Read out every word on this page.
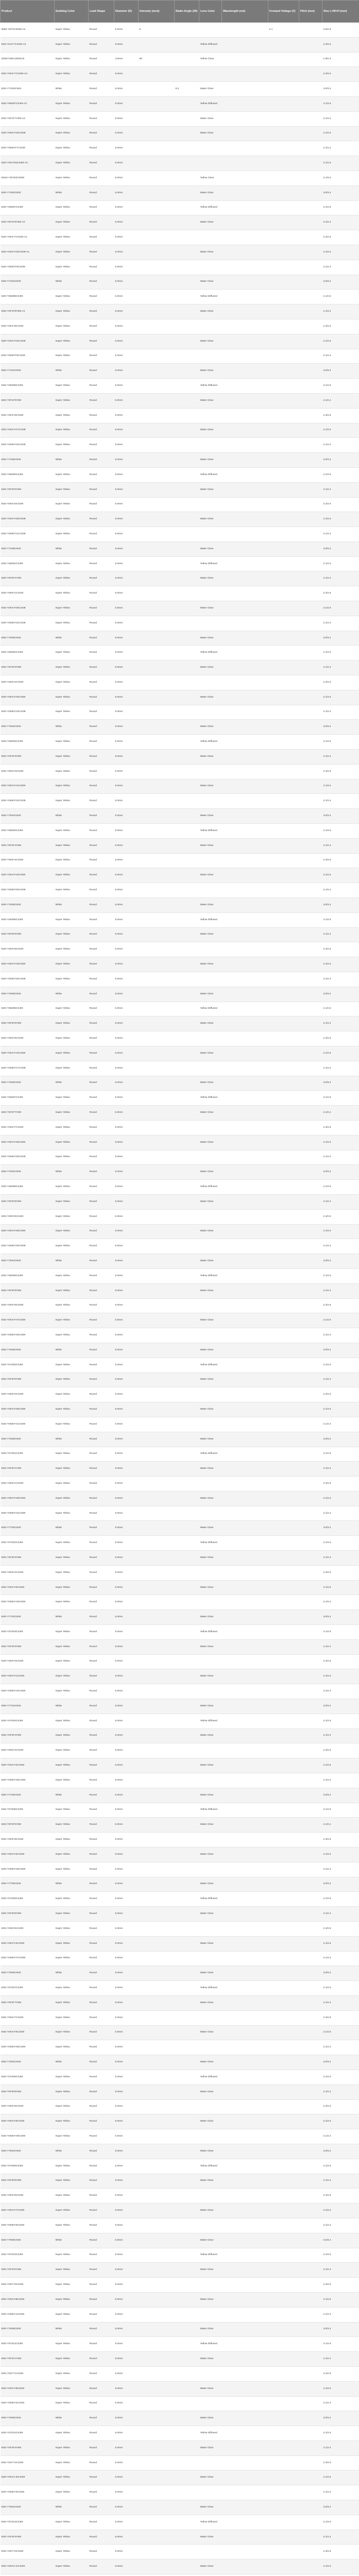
Product	Emitting Color	Lead Shape	Diameter (D)	Intensity (mcd)	Radio Angle (2θ)	Lens Color	Wavelength (nm)	Forward Voltage (V)	Pitch (mm)	Size L×W×H (mm)
5MM-Y0F4CW3I9-A2	Super Yellow	Round	5.0mm	8				2.1		2.5/2.8
5SD-YK4Y7CS3I9-A3	Super Yellow	Round	5.0mm			Yellow Diffused				2.4/2.6
3SDKYSEIA3W3C3I	Super Yellow	Round	3.0mm	90		Yellow Clear				1.9/2.3
5SD-Y0K4Y7CS3I9-A3	Super Yellow	Round	5.0mm							2.4/2.6
5SD-Y7XS0CW3I	White	Round	5.0mm		6.0	Water Clear				3.0/3.4
5SD-Y06Z87CS3I9-A2	Super Yellow	Round	5.0mm			Yellow Diffused				2.1/2.5
5SD-Y0F1F7Y8I9-A3	Super Yellow	Round	5.0mm			Water Clear				2.1/2.4
5SD-Y0KKYG5CS3I9	Super Yellow	Round	5.0mm			Water Clear				2.1/2.5
5SD-Y0KBYF7CS3I9	Super Yellow	Round	5.0mm							2.1/2.4
5SD-Y0KYG5CS3I9-A2	Super Yellow	Round	5.0mm							2.1/2.5
5SD4-Y0F3I3CW3I9	Super Yellow	Round	5.0mm			Yellow Clear				2.1/2.5
5SD-Y74S0CW3I	White	Round	5.0mm			Water Clear				3.0/3.4
5SD-Y06Z87CS3I9	Super Yellow	Round	5.0mm			Yellow Diffused				2.1/2.5
5SD-Y0F1F6Y8I9-A2	Super Yellow	Round	5.0mm			Water Clear				2.1/2.4
5SD-Y0K4Y7CS3I9-A1	Super Yellow	Round	5.0mm							2.4/2.6
5SD-Y0KXYG5CS3I9-A1	Super Yellow	Round	5.0mm			Water Clear				2.1/2.5
5SD-Y0KBYF8CS3I9	Super Yellow	Round	5.0mm							2.1/2.4
5SD-Y74S2CW3I	White	Round	5.0mm			Water Clear				3.0/3.4
5SD-Y06Z88CS3I9	Super Yellow	Round	5.0mm			Yellow Diffused				2.1/2.5
5SD-Y0F1F8Y8I9-A1	Super Yellow	Round	5.0mm			Water Clear				2.1/2.4
5SD-Y0K4Y8CS3I9	Super Yellow	Round	5.0mm							2.4/2.6
5SD-Y0KXYG6CS3I9	Super Yellow	Round	5.0mm			Water Clear				2.1/2.5
5SD-Y0KBYF9CS3I9	Super Yellow	Round	5.0mm							2.1/2.4
5SD-Y74S4CW3I	White	Round	5.0mm			Water Clear				3.0/3.4
5SD-Y06Z89CS3I9	Super Yellow	Round	5.0mm			Yellow Diffused				2.1/2.5
5SD-Y0F1F9Y8I9	Super Yellow	Round	5.0mm			Water Clear				2.1/2.4
5SD-Y0K4Y9CS3I9	Super Yellow	Round	5.0mm							2.4/2.6
5SD-Y0KXYG7CS3I9	Super Yellow	Round	5.0mm			Water Clear				2.1/2.5
5SD-Y0KBYG0CS3I9	Super Yellow	Round	5.0mm							2.1/2.4
5SD-Y74S6CW3I	White	Round	5.0mm			Water Clear				3.0/3.4
5SD-Y06Z90CS3I9	Super Yellow	Round	5.0mm			Yellow Diffused				2.1/2.5
5SD-Y0F2F0Y8I9	Super Yellow	Round	5.0mm			Water Clear				2.1/2.4
5SD-Y0K5Y0CS3I9	Super Yellow	Round	5.0mm							2.4/2.6
5SD-Y0KXYG8CS3I9	Super Yellow	Round	5.0mm			Water Clear				2.1/2.5
5SD-Y0KBYG1CS3I9	Super Yellow	Round	5.0mm							2.1/2.4
5SD-Y74S8CW3I	White	Round	5.0mm			Water Clear				3.0/3.4
5SD-Y06Z91CS3I9	Super Yellow	Round	5.0mm			Yellow Diffused				2.1/2.5
5SD-Y0F2F1Y8I9	Super Yellow	Round	5.0mm			Water Clear				2.1/2.4
5SD-Y0K5Y1CS3I9	Super Yellow	Round	5.0mm							2.4/2.6
5SD-Y0KXYG9CS3I9	Super Yellow	Round	5.0mm			Water Clear				2.1/2.5
5SD-Y0KBYG2CS3I9	Super Yellow	Round	5.0mm							2.1/2.4
5SD-Y75S0CW3I	White	Round	5.0mm			Water Clear				3.0/3.4
5SD-Y06Z92CS3I9	Super Yellow	Round	5.0mm			Yellow Diffused				2.1/2.5
5SD-Y0F2F2Y8I9	Super Yellow	Round	5.0mm			Water Clear				2.1/2.4
5SD-Y0K5Y2CS3I9	Super Yellow	Round	5.0mm							2.4/2.6
5SD-Y0KXYH0CS3I9	Super Yellow	Round	5.0mm			Water Clear				2.1/2.5
5SD-Y0KBYG3CS3I9	Super Yellow	Round	5.0mm							2.1/2.4
5SD-Y75S2CW3I	White	Round	5.0mm			Water Clear				3.0/3.4
5SD-Y06Z93CS3I9	Super Yellow	Round	5.0mm			Yellow Diffused				2.1/2.5
5SD-Y0F2F3Y8I9	Super Yellow	Round	5.0mm			Water Clear				2.1/2.4
5SD-Y0K5Y3CS3I9	Super Yellow	Round	5.0mm							2.4/2.6
5SD-Y0KXYH1CS3I9	Super Yellow	Round	5.0mm			Water Clear				2.1/2.5
5SD-Y0KBYG4CS3I9	Super Yellow	Round	5.0mm							2.1/2.4
5SD-Y75S4CW3I	White	Round	5.0mm			Water Clear				3.0/3.4
5SD-Y06Z94CS3I9	Super Yellow	Round	5.0mm			Yellow Diffused				2.1/2.5
5SD-Y0F2F4Y8I9	Super Yellow	Round	5.0mm			Water Clear				2.1/2.4
5SD-Y0K5Y4CS3I9	Super Yellow	Round	5.0mm							2.4/2.6
5SD-Y0KXYH2CS3I9	Super Yellow	Round	5.0mm			Water Clear				2.1/2.5
5SD-Y0KBYG5CS3I9	Super Yellow	Round	5.0mm							2.1/2.4
5SD-Y75S6CW3I	White	Round	5.0mm			Water Clear				3.0/3.4
5SD-Y06Z95CS3I9	Super Yellow	Round	5.0mm			Yellow Diffused				2.1/2.5
5SD-Y0F2F5Y8I9	Super Yellow	Round	5.0mm			Water Clear				2.1/2.4
5SD-Y0K5Y5CS3I9	Super Yellow	Round	5.0mm							2.4/2.6
5SD-Y0KXYH3CS3I9	Super Yellow	Round	5.0mm			Water Clear				2.1/2.5
5SD-Y0KBYG6CS3I9	Super Yellow	Round	5.0mm							2.1/2.4
5SD-Y75S8CW3I	White	Round	5.0mm			Water Clear				3.0/3.4
5SD-Y06Z96CS3I9	Super Yellow	Round	5.0mm			Yellow Diffused				2.1/2.5
5SD-Y0F2F6Y8I9	Super Yellow	Round	5.0mm			Water Clear				2.1/2.4
5SD-Y0K5Y6CS3I9	Super Yellow	Round	5.0mm							2.4/2.6
5SD-Y0KXYH4CS3I9	Super Yellow	Round	5.0mm			Water Clear				2.1/2.5
5SD-Y0KBYG7CS3I9	Super Yellow	Round	5.0mm							2.1/2.4
5SD-Y76S0CW3I	White	Round	5.0mm			Water Clear				3.0/3.4
5SD-Y06Z97CS3I9	Super Yellow	Round	5.0mm			Yellow Diffused				2.1/2.5
5SD-Y0F2F7Y8I9	Super Yellow	Round	5.0mm			Water Clear				2.1/2.4
5SD-Y0K5Y7CS3I9	Super Yellow	Round	5.0mm							2.4/2.6
5SD-Y0KXYH5CS3I9	Super Yellow	Round	5.0mm			Water Clear				2.1/2.5
5SD-Y0KBYG8CS3I9	Super Yellow	Round	5.0mm							2.1/2.4
5SD-Y76S2CW3I	White	Round	5.0mm			Water Clear				3.0/3.4
5SD-Y06Z98CS3I9	Super Yellow	Round	5.0mm			Yellow Diffused				2.1/2.5
5SD-Y0F2F8Y8I9	Super Yellow	Round	5.0mm			Water Clear				2.1/2.4
5SD-Y0K5Y8CS3I9	Super Yellow	Round	5.0mm							2.4/2.6
5SD-Y0KXYH6CS3I9	Super Yellow	Round	5.0mm			Water Clear				2.1/2.5
5SD-Y0KBYG9CS3I9	Super Yellow	Round	5.0mm							2.1/2.4
5SD-Y76S4CW3I	White	Round	5.0mm			Water Clear				3.0/3.4
5SD-Y06Z99CS3I9	Super Yellow	Round	5.0mm			Yellow Diffused				2.1/2.5
5SD-Y0F2F9Y8I9	Super Yellow	Round	5.0mm			Water Clear				2.1/2.4
5SD-Y0K5Y9CS3I9	Super Yellow	Round	5.0mm							2.4/2.6
5SD-Y0KXYH7CS3I9	Super Yellow	Round	5.0mm			Water Clear				2.1/2.5
5SD-Y0KBYH0CS3I9	Super Yellow	Round	5.0mm							2.1/2.4
5SD-Y76S6CW3I	White	Round	5.0mm			Water Clear				3.0/3.4
5SD-Y07Z00CS3I9	Super Yellow	Round	5.0mm			Yellow Diffused				2.1/2.5
5SD-Y0F3F0Y8I9	Super Yellow	Round	5.0mm			Water Clear				2.1/2.4
5SD-Y0K6Y0CS3I9	Super Yellow	Round	5.0mm							2.4/2.6
5SD-Y0KXYH8CS3I9	Super Yellow	Round	5.0mm			Water Clear				2.1/2.5
5SD-Y0KBYH1CS3I9	Super Yellow	Round	5.0mm							2.1/2.4
5SD-Y76S8CW3I	White	Round	5.0mm			Water Clear				3.0/3.4
5SD-Y07Z01CS3I9	Super Yellow	Round	5.0mm			Yellow Diffused				2.1/2.5
5SD-Y0F3F1Y8I9	Super Yellow	Round	5.0mm			Water Clear				2.1/2.4
5SD-Y0K6Y1CS3I9	Super Yellow	Round	5.0mm							2.4/2.6
5SD-Y0KXYH9CS3I9	Super Yellow	Round	5.0mm			Water Clear				2.1/2.5
5SD-Y0KBYH2CS3I9	Super Yellow	Round	5.0mm							2.1/2.4
5SD-Y77S0CW3I	White	Round	5.0mm			Water Clear				3.0/3.4
5SD-Y07Z02CS3I9	Super Yellow	Round	5.0mm			Yellow Diffused				2.1/2.5
5SD-Y0F3F2Y8I9	Super Yellow	Round	5.0mm			Water Clear				2.1/2.4
5SD-Y0K6Y2CS3I9	Super Yellow	Round	5.0mm							2.4/2.6
5SD-Y0KXYI0CS3I9	Super Yellow	Round	5.0mm			Water Clear				2.1/2.5
5SD-Y0KBYH3CS3I9	Super Yellow	Round	5.0mm							2.1/2.4
5SD-Y77S2CW3I	White	Round	5.0mm			Water Clear				3.0/3.4
5SD-Y07Z03CS3I9	Super Yellow	Round	5.0mm			Yellow Diffused				2.1/2.5
5SD-Y0F3F3Y8I9	Super Yellow	Round	5.0mm			Water Clear				2.1/2.4
5SD-Y0K6Y3CS3I9	Super Yellow	Round	5.0mm							2.4/2.6
5SD-Y0KXYI1CS3I9	Super Yellow	Round	5.0mm			Water Clear				2.1/2.5
5SD-Y0KBYH4CS3I9	Super Yellow	Round	5.0mm							2.1/2.4
5SD-Y77S4CW3I	White	Round	5.0mm			Water Clear				3.0/3.4
5SD-Y07Z04CS3I9	Super Yellow	Round	5.0mm			Yellow Diffused				2.1/2.5
5SD-Y0F3F4Y8I9	Super Yellow	Round	5.0mm			Water Clear				2.1/2.4
5SD-Y0K6Y4CS3I9	Super Yellow	Round	5.0mm							2.4/2.6
5SD-Y0KXYI2CS3I9	Super Yellow	Round	5.0mm			Water Clear				2.1/2.5
5SD-Y0KBYH5CS3I9	Super Yellow	Round	5.0mm							2.1/2.4
5SD-Y77S6CW3I	White	Round	5.0mm			Water Clear				3.0/3.4
5SD-Y07Z05CS3I9	Super Yellow	Round	5.0mm			Yellow Diffused				2.1/2.5
5SD-Y0F3F5Y8I9	Super Yellow	Round	5.0mm			Water Clear				2.1/2.4
5SD-Y0K6Y5CS3I9	Super Yellow	Round	5.0mm							2.4/2.6
5SD-Y0KXYI3CS3I9	Super Yellow	Round	5.0mm			Water Clear				2.1/2.5
5SD-Y0KBYH6CS3I9	Super Yellow	Round	5.0mm							2.1/2.4
5SD-Y77S8CW3I	White	Round	5.0mm			Water Clear				3.0/3.4
5SD-Y07Z06CS3I9	Super Yellow	Round	5.0mm			Yellow Diffused				2.1/2.5
5SD-Y0F3F6Y8I9	Super Yellow	Round	5.0mm			Water Clear				2.1/2.4
5SD-Y0K6Y6CS3I9	Super Yellow	Round	5.0mm							2.4/2.6
5SD-Y0KXYI4CS3I9	Super Yellow	Round	5.0mm			Water Clear				2.1/2.5
5SD-Y0KBYH7CS3I9	Super Yellow	Round	5.0mm							2.1/2.4
5SD-Y78S0CW3I	White	Round	5.0mm			Water Clear				3.0/3.4
5SD-Y07Z07CS3I9	Super Yellow	Round	5.0mm			Yellow Diffused				2.1/2.5
5SD-Y0F3F7Y8I9	Super Yellow	Round	5.0mm			Water Clear				2.1/2.4
5SD-Y0K6Y7CS3I9	Super Yellow	Round	5.0mm							2.4/2.6
5SD-Y0KXYI5CS3I9	Super Yellow	Round	5.0mm			Water Clear				2.1/2.5
5SD-Y0KBYH8CS3I9	Super Yellow	Round	5.0mm							2.1/2.4
5SD-Y78S2CW3I	White	Round	5.0mm			Water Clear				3.0/3.4
5SD-Y07Z08CS3I9	Super Yellow	Round	5.0mm			Yellow Diffused				2.1/2.5
5SD-Y0F3F8Y8I9	Super Yellow	Round	5.0mm			Water Clear				2.1/2.4
5SD-Y0K6Y8CS3I9	Super Yellow	Round	5.0mm							2.4/2.6
5SD-Y0KXYI6CS3I9	Super Yellow	Round	5.0mm			Water Clear				2.1/2.5
5SD-Y0KBYH9CS3I9	Super Yellow	Round	5.0mm							2.1/2.4
5SD-Y78S4CW3I	White	Round	5.0mm			Water Clear				3.0/3.4
5SD-Y07Z09CS3I9	Super Yellow	Round	5.0mm			Yellow Diffused				2.1/2.5
5SD-Y0F3F9Y8I9	Super Yellow	Round	5.0mm			Water Clear				2.1/2.4
5SD-Y0K6Y9CS3I9	Super Yellow	Round	5.0mm							2.4/2.6
5SD-Y0KXYI7CS3I9	Super Yellow	Round	5.0mm			Water Clear				2.1/2.5
5SD-Y0KBYI0CS3I9	Super Yellow	Round	5.0mm							2.1/2.4
5SD-Y78S6CW3I	White	Round	5.0mm			Water Clear				3.0/3.4
5SD-Y07Z10CS3I9	Super Yellow	Round	5.0mm			Yellow Diffused				2.1/2.5
5SD-Y0F4F0Y8I9	Super Yellow	Round	5.0mm			Water Clear				2.1/2.4
5SD-Y0K7Y0CS3I9	Super Yellow	Round	5.0mm							2.4/2.6
5SD-Y0KXYI8CS3I9	Super Yellow	Round	5.0mm			Water Clear				2.1/2.5
5SD-Y0KBYI1CS3I9	Super Yellow	Round	5.0mm							2.1/2.4
5SD-Y78S8CW3I	White	Round	5.0mm			Water Clear				3.0/3.4
5SD-Y07Z11CS3I9	Super Yellow	Round	5.0mm			Yellow Diffused				2.1/2.5
5SD-Y0F4F1Y8I9	Super Yellow	Round	5.0mm			Water Clear				2.1/2.4
5SD-Y0K7Y1CS3I9	Super Yellow	Round	5.0mm							2.4/2.6
5SD-Y0KXYI9CS3I9	Super Yellow	Round	5.0mm			Water Clear				2.1/2.5
5SD-Y0KBYI2CS3I9	Super Yellow	Round	5.0mm							2.1/2.4
5SD-Y79S0CW3I	White	Round	5.0mm			Water Clear				3.0/3.4
5SD-Y07Z12CS3I9	Super Yellow	Round	5.0mm			Yellow Diffused				2.1/2.5
5SD-Y0F4F2Y8I9	Super Yellow	Round	5.0mm			Water Clear				2.1/2.4
5SD-Y0K7Y2CS3I9	Super Yellow	Round	5.0mm							2.4/2.6
5SD-Y0KXYJ0CS3I9	Super Yellow	Round	5.0mm			Water Clear				2.1/2.5
5SD-Y0KBYI3CS3I9	Super Yellow	Round	5.0mm							2.1/2.4
5SD-Y79S2CW3I	White	Round	5.0mm			Water Clear				3.0/3.4
5SD-Y07Z13CS3I9	Super Yellow	Round	5.0mm			Yellow Diffused				2.1/2.5
5SD-Y0F4F3Y8I9	Super Yellow	Round	5.0mm			Water Clear				2.1/2.4
5SD-Y0K7Y3CS3I9	Super Yellow	Round	5.0mm							2.4/2.6
5SD-Y0KXYJ1CS3I9	Super Yellow	Round	5.0mm			Water Clear				2.1/2.5
